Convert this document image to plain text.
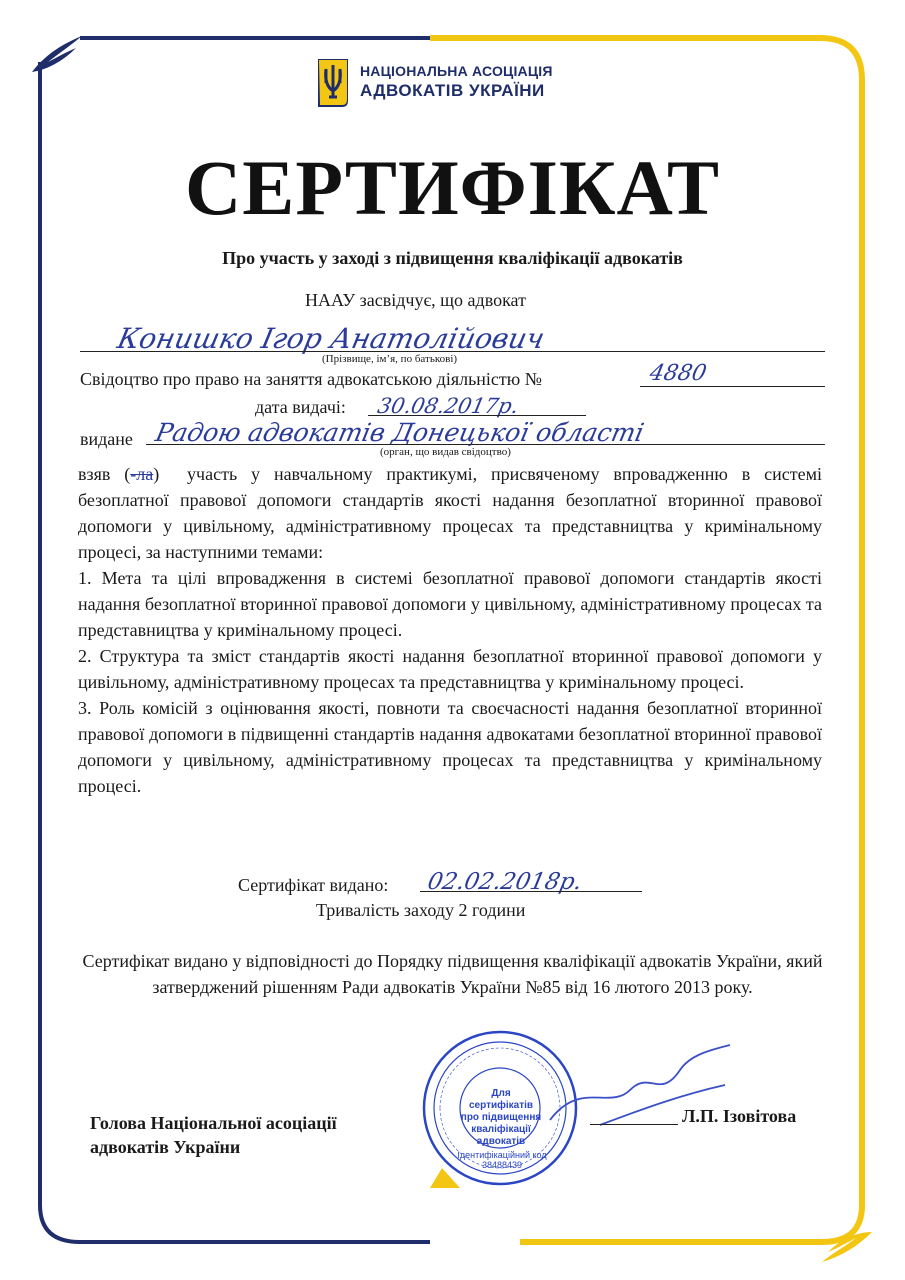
НАЦІОНАЛЬНА АСОЦІАЦІЯ
АДВОКАТІВ УКРАЇНИ
СЕРТИФІКАТ
Про участь у заході з підвищення кваліфікації адвокатів
НААУ засвідчує, що адвокат
Конишко Ігор Анатолійович
(Прізвище, ім’я, по батькові)
Свідоцтво про право на заняття адвокатською діяльністю №	4880
дата видачі: 30.08.2017р.
видане Радою адвокатів Донецької області
(орган, що видав свідоцтво)

взяв (-ла) участь у навчальному практикумі, присвяченому впровадженню в системі безоплатної правової допомоги стандартів якості надання безоплатної вторинної правової допомоги у цивільному, адміністративному процесах та представництва у кримінальному процесі, за наступними темами:

1. Мета та цілі впровадження в системі безоплатної правової допомоги стандартів якості надання безоплатної вторинної правової допомоги у цивільному, адміністративному процесах та представництва у кримінальному процесі.

2. Структура та зміст стандартів якості надання безоплатної вторинної правової допомоги у цивільному, адміністративному процесах та представництва у кримінальному процесі.

3. Роль комісій з оцінювання якості, повноти та своєчасності надання безоплатної вторинної правової допомоги в підвищенні стандартів надання адвокатами безоплатної вторинної правової допомоги у цивільному, адміністративному процесах та представництва у кримінальному процесі.

Сертифікат видано: 02.02.2018р.
Тривалість заходу 2 години
Сертифікат видано у відповідності до Порядку підвищення кваліфікації адвокатів України, який затверджений рішенням Ради адвокатів України №85 від 16 лютого 2013 року.
Для
сертифікатів
про підвищення
кваліфікації
адвокатів
Ідентифікаційний код 38488439
Голова Національної асоціації
адвокатів України
Л.П. Ізовітова
